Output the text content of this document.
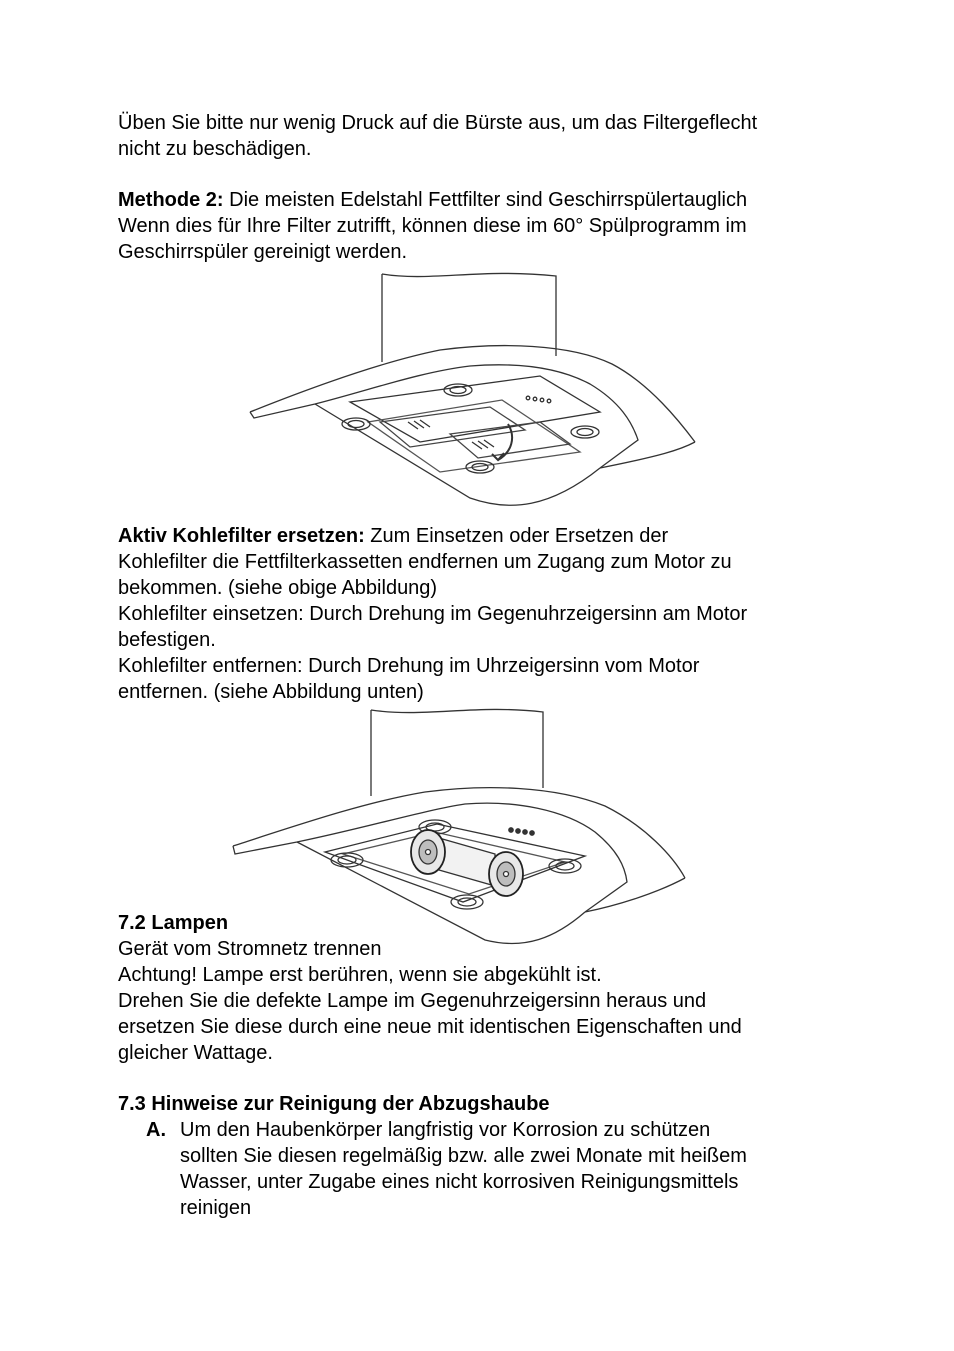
Üben Sie bitte nur wenig Druck auf die Bürste aus, um das Filtergeflecht
nicht zu beschädigen.
Methode 2: Die meisten Edelstahl Fettfilter sind Geschirrspülertauglich
Wenn dies für Ihre Filter zutrifft, können diese im 60° Spülprogramm im
Geschirrspüler gereinigt werden.
Aktiv Kohlefilter ersetzen: Zum Einsetzen oder Ersetzen der
Kohlefilter die Fettfilterkassetten endfernen um Zugang zum Motor zu
bekommen. (siehe obige Abbildung)
Kohlefilter einsetzen: Durch Drehung im Gegenuhrzeigersinn am Motor
befestigen.
Kohlefilter entfernen: Durch Drehung im Uhrzeigersinn vom Motor
entfernen. (siehe Abbildung unten)
7.2 Lampen
Gerät vom Stromnetz trennen
Achtung! Lampe erst berühren, wenn sie abgekühlt ist.
Drehen Sie die defekte Lampe im Gegenuhrzeigersinn heraus und
ersetzen Sie diese durch eine neue mit identischen Eigenschaften und
gleicher Wattage.
7.3 Hinweise zur Reinigung der Abzugshaube
A. Um den Haubenkörper langfristig vor Korrosion zu schützen
sollten Sie diesen regelmäßig bzw. alle zwei Monate mit heißem
Wasser, unter Zugabe eines nicht korrosiven Reinigungsmittels
reinigen
